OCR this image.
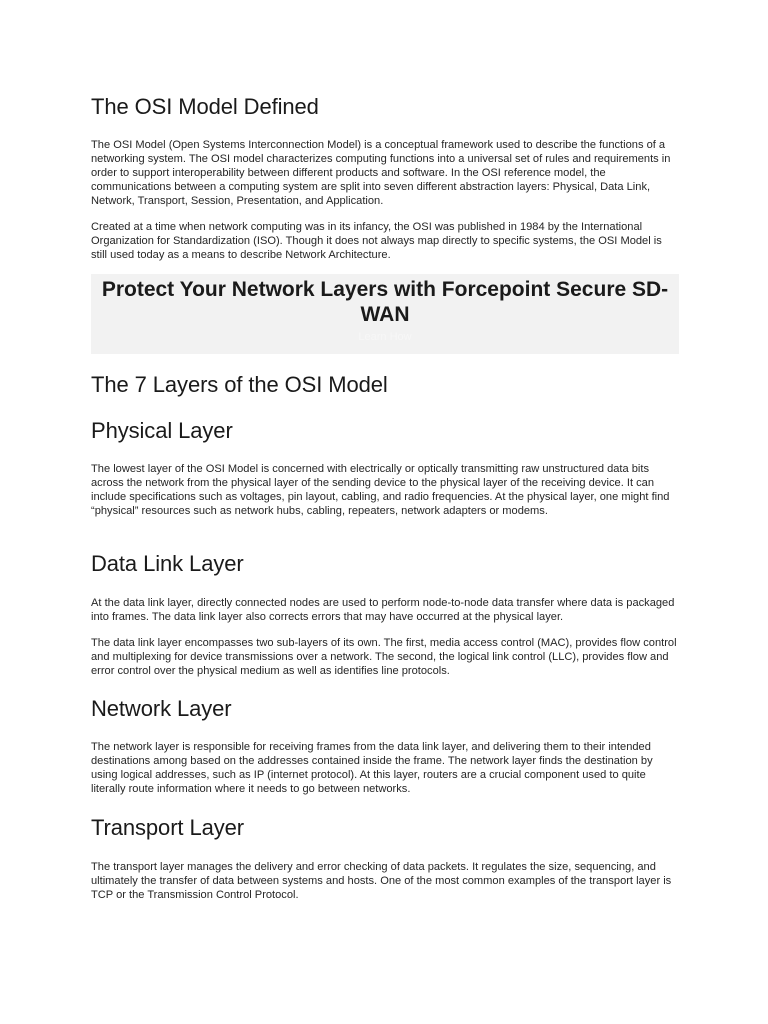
The OSI Model Defined

The OSI Model (Open Systems Interconnection Model) is a conceptual framework used to describe the functions of a networking system. The OSI model characterizes computing functions into a universal set of rules and requirements in order to support interoperability between different products and software. In the OSI reference model, the communications between a computing system are split into seven different abstraction layers: Physical, Data Link, Network, Transport, Session, Presentation, and Application.

Created at a time when network computing was in its infancy, the OSI was published in 1984 by the International Organization for Standardization (ISO). Though it does not always map directly to specific systems, the OSI Model is still used today as a means to describe Network Architecture.

Protect Your Network Layers with Forcepoint Secure SD-WAN
Learn How
The 7 Layers of the OSI Model
Physical Layer

The lowest layer of the OSI Model is concerned with electrically or optically transmitting raw unstructured data bits across the network from the physical layer of the sending device to the physical layer of the receiving device. It can include specifications such as voltages, pin layout, cabling, and radio frequencies. At the physical layer, one might find “physical” resources such as network hubs, cabling, repeaters, network adapters or modems.

Data Link Layer

At the data link layer, directly connected nodes are used to perform node-to-node data transfer where data is packaged into frames. The data link layer also corrects errors that may have occurred at the physical layer.

The data link layer encompasses two sub-layers of its own. The first, media access control (MAC), provides flow control and multiplexing for device transmissions over a network. The second, the logical link control (LLC), provides flow and error control over the physical medium as well as identifies line protocols.

Network Layer

The network layer is responsible for receiving frames from the data link layer, and delivering them to their intended destinations among based on the addresses contained inside the frame. The network layer finds the destination by using logical addresses, such as IP (internet protocol). At this layer, routers are a crucial component used to quite literally route information where it needs to go between networks.

Transport Layer

The transport layer manages the delivery and error checking of data packets. It regulates the size, sequencing, and ultimately the transfer of data between systems and hosts. One of the most common examples of the transport layer is TCP or the Transmission Control Protocol.
